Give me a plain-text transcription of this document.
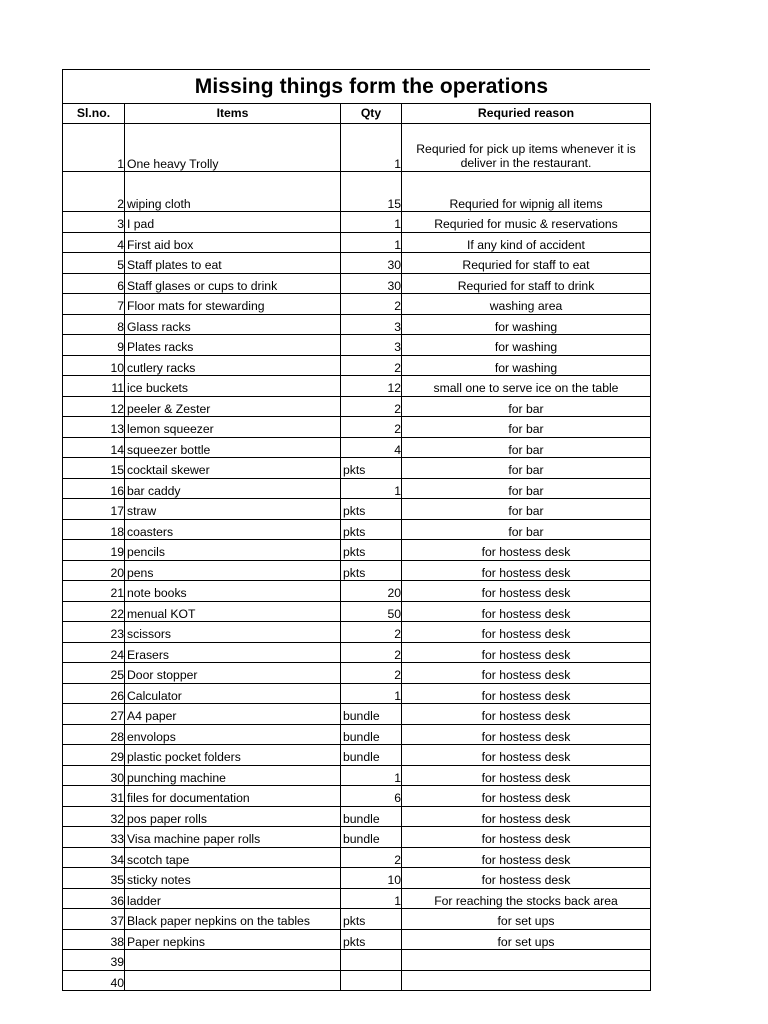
Missing things form the operations
Sl.no.	Items	Qty	Requried reason
1	One heavy Trolly	1	Requried for pick up items whenever it is deliver in the restaurant.
2	wiping cloth	15	Requried for wipnig all items
3	I pad	1	Requried for music & reservations
4	First aid box	1	If any kind of accident
5	Staff plates to eat	30	Requried for staff to eat
6	Staff glases or cups to drink	30	Requried for staff to drink
7	Floor mats for stewarding	2	washing area
8	Glass racks	3	for washing
9	Plates racks	3	for washing
10	cutlery racks	2	for washing
11	ice buckets	12	small one to serve ice on the table
12	peeler & Zester	2	for bar
13	lemon squeezer	2	for bar
14	squeezer bottle	4	for bar
15	cocktail skewer	pkts	for bar
16	bar caddy	1	for bar
17	straw	pkts	for bar
18	coasters	pkts	for bar
19	pencils	pkts	for hostess desk
20	pens	pkts	for hostess desk
21	note books	20	for hostess desk
22	menual KOT	50	for hostess desk
23	scissors	2	for hostess desk
24	Erasers	2	for hostess desk
25	Door stopper	2	for hostess desk
26	Calculator	1	for hostess desk
27	A4 paper	bundle	for hostess desk
28	envolops	bundle	for hostess desk
29	plastic pocket folders	bundle	for hostess desk
30	punching machine	1	for hostess desk
31	files for documentation	6	for hostess desk
32	pos paper rolls	bundle	for hostess desk
33	Visa machine paper rolls	bundle	for hostess desk
34	scotch tape	2	for hostess desk
35	sticky notes	10	for hostess desk
36	ladder	1	For reaching the stocks back area
37	Black paper nepkins on the tables	pkts	for set ups
38	Paper nepkins	pkts	for set ups
39			
40			
